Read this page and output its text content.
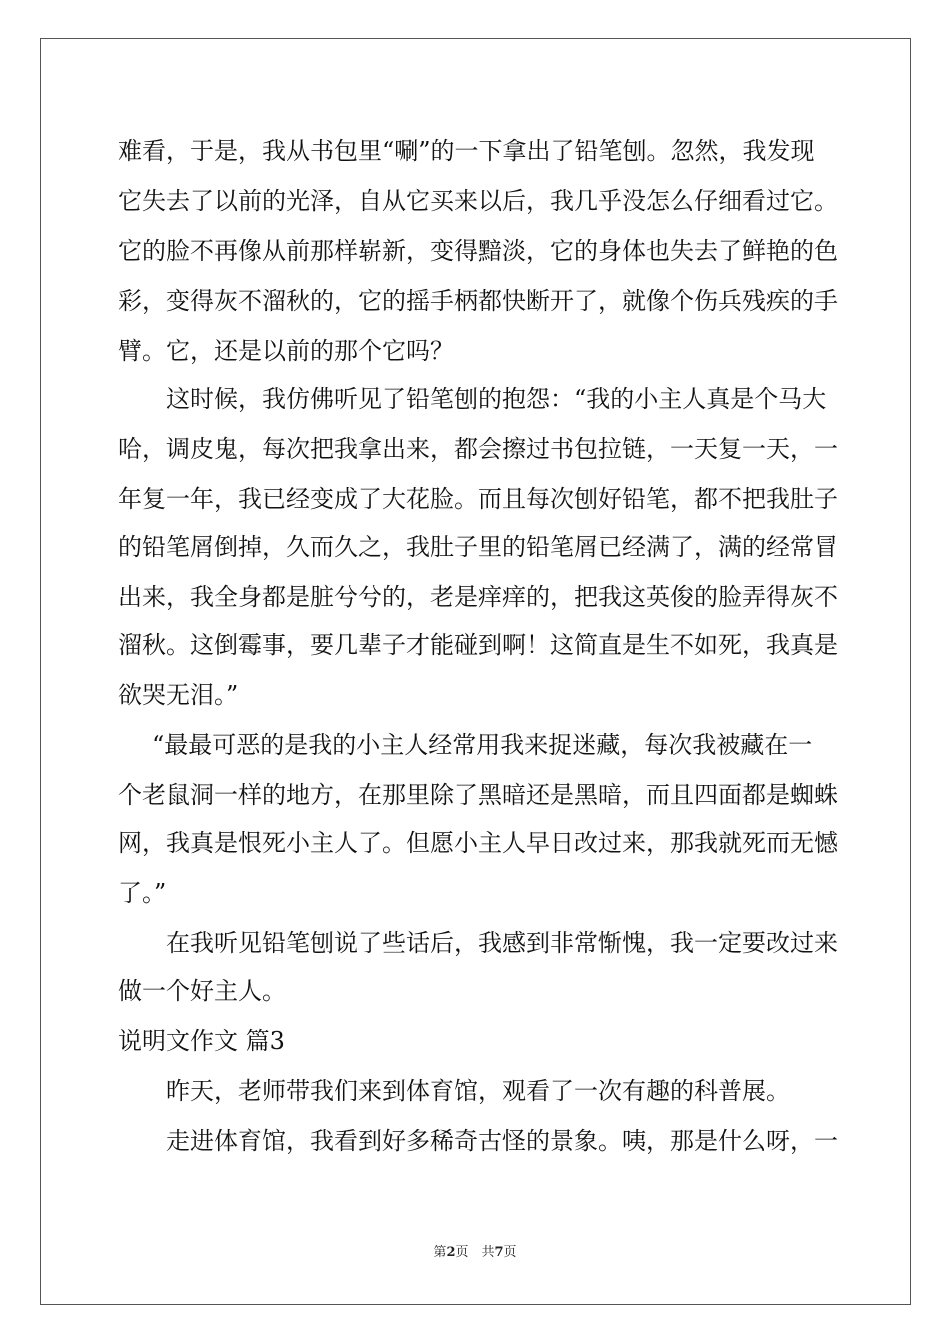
难看，于是，我从书包里“唰”的一下拿出了铅笔刨。忽然，我发现
它失去了以前的光泽，自从它买来以后，我几乎没怎么仔细看过它。
它的脸不再像从前那样崭新，变得黯淡，它的身体也失去了鲜艳的色
彩，变得灰不溜秋的，它的摇手柄都快断开了，就像个伤兵残疾的手
臂。它，还是以前的那个它吗？
这时候，我仿佛听见了铅笔刨的抱怨：“我的小主人真是个马大
哈，调皮鬼，每次把我拿出来，都会擦过书包拉链，一天复一天，一
年复一年，我已经变成了大花脸。而且每次刨好铅笔，都不把我肚子
的铅笔屑倒掉，久而久之，我肚子里的铅笔屑已经满了，满的经常冒
出来，我全身都是脏兮兮的，老是痒痒的，把我这英俊的脸弄得灰不
溜秋。这倒霉事，要几辈子才能碰到啊！这简直是生不如死，我真是
欲哭无泪。”
“最最可恶的是我的小主人经常用我来捉迷藏，每次我被藏在一
个老鼠洞一样的地方，在那里除了黑暗还是黑暗，而且四面都是蜘蛛
网，我真是恨死小主人了。但愿小主人早日改过来，那我就死而无憾
了。”
在我听见铅笔刨说了些话后，我感到非常惭愧，我一定要改过来
做一个好主人。
说明文作文 篇3
昨天，老师带我们来到体育馆，观看了一次有趣的科普展。
走进体育馆，我看到好多稀奇古怪的景象。咦，那是什么呀，一
第2页　共7页
